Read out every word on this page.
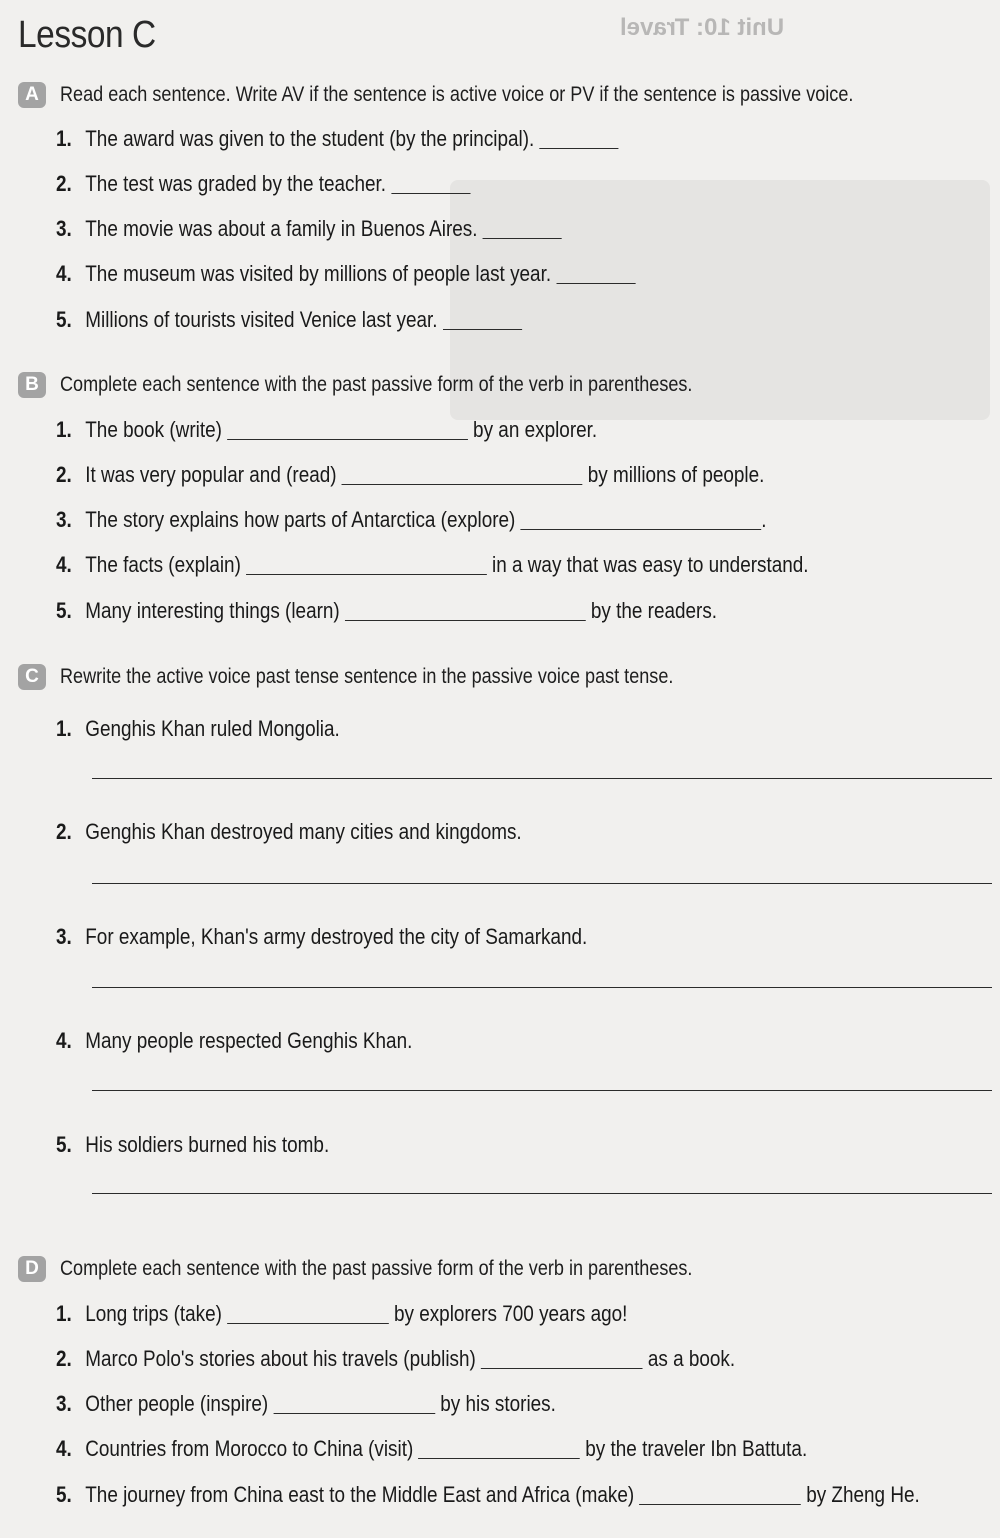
Unit 10: Travel
Lesson C
A	Read each sentence. Write AV if the sentence is active voice or PV if the sentence is passive voice.
1. The award was given to the student (by the principal).
2. The test was graded by the teacher.
3. The movie was about a family in Buenos Aires.
4. The museum was visited by millions of people last year.
5. Millions of tourists visited Venice last year.
B	Complete each sentence with the past passive form of the verb in parentheses.
1. The book (write)	by an explorer.
2. It was very popular and (read)	by millions of people.
3. The story explains how parts of Antarctica (explore)	.
4. The facts (explain)	in a way that was easy to understand.
5. Many interesting things (learn)	by the readers.
C	Rewrite the active voice past tense sentence in the passive voice past tense.
1. Genghis Khan ruled Mongolia.
2. Genghis Khan destroyed many cities and kingdoms.
3. For example, Khan's army destroyed the city of Samarkand.
4. Many people respected Genghis Khan.
5. His soldiers burned his tomb.
D	Complete each sentence with the past passive form of the verb in parentheses.
1. Long trips (take)	by explorers 700 years ago!
2. Marco Polo's stories about his travels (publish)	as a book.
3. Other people (inspire)	by his stories.
4. Countries from Morocco to China (visit)	by the traveler Ibn Battuta.
5. The journey from China east to the Middle East and Africa (make)	by Zheng He.
